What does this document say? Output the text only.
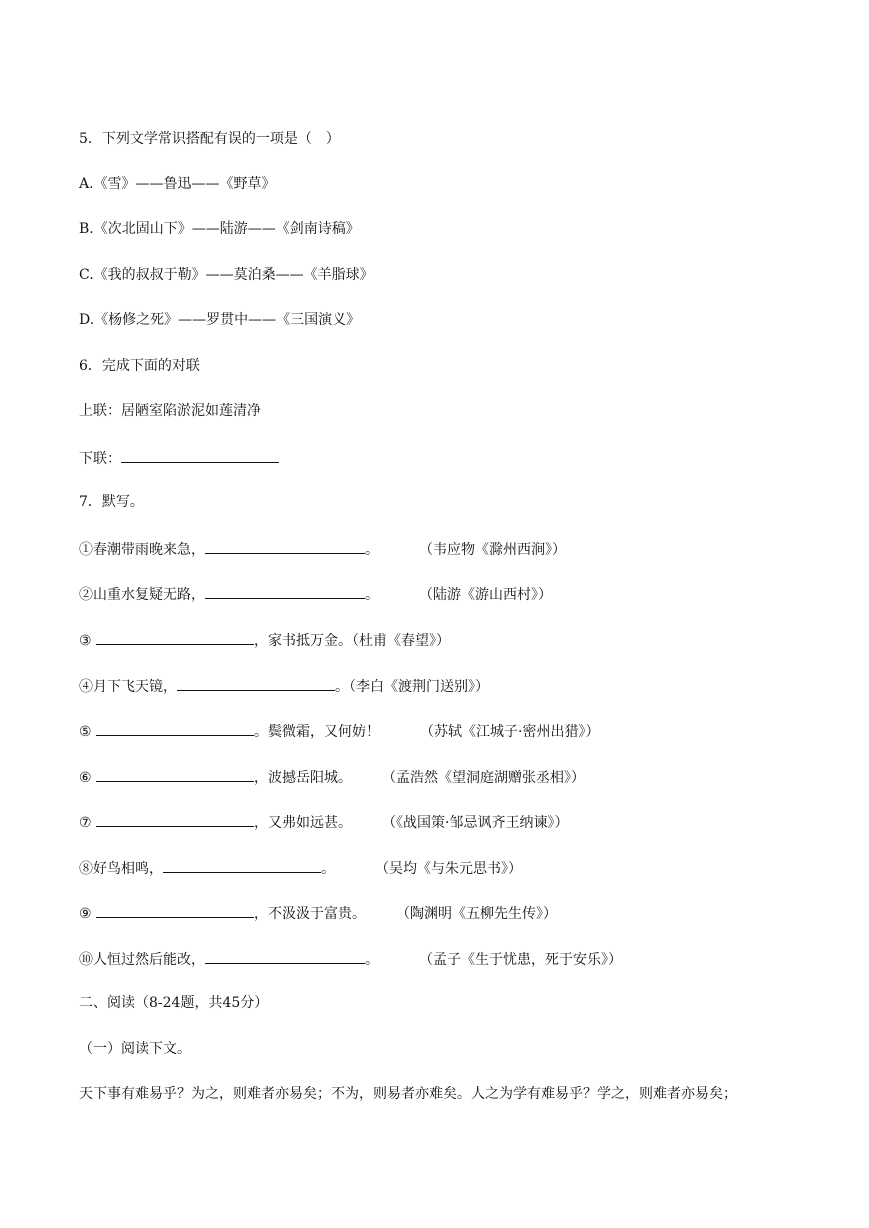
5．下列文学常识搭配有误的一项是（　）
A.《雪》——鲁迅——《野草》
B.《次北固山下》——陆游——《剑南诗稿》
C.《我的叔叔于勒》——莫泊桑——《羊脂球》
D.《杨修之死》——罗贯中——《三国演义》
6．完成下面的对联
上联：居陋室陷淤泥如莲清净
下联：
7．默写。
①春潮带雨晚来急，	。	（韦应物《滁州西涧》）
②山重水复疑无路，	。	（陆游《游山西村》）
③	，家书抵万金。（杜甫《春望》）
④月下飞天镜，	。（李白《渡荆门送别》）
⑤	。鬓微霜，又何妨！	（苏轼《江城子·密州出猎》）
⑥	，波撼岳阳城。 （孟浩然《望洞庭湖赠张丞相》）
⑦	，又弗如远甚。 （《战国策·邹忌讽齐王纳谏》）
⑧好鸟相鸣，	。	（吴均《与朱元思书》）
⑨	，不汲汲于富贵。 （陶渊明《五柳先生传》）
⑩人恒过然后能改，	。	（孟子《生于忧患，死于安乐》）
二、阅读（8-24题，共45分）
（一）阅读下文。
天下事有难易乎？为之，则难者亦易矣；不为，则易者亦难矣。人之为学有难易乎？学之，则难者亦易矣；
